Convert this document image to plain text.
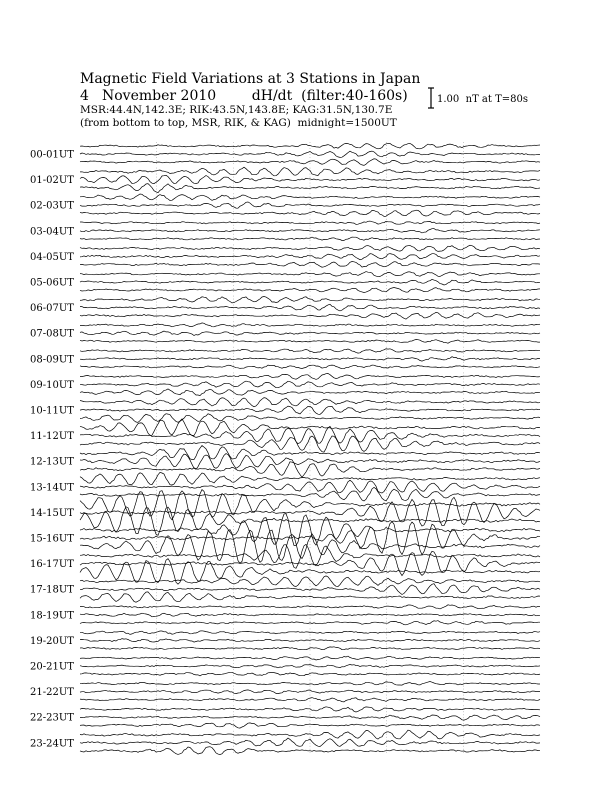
Magnetic Field Variations at 3 Stations in Japan
4 November 2010	dH/dt (filter:40-160s)
MSR:44.4N,142.3E; RIK:43.5N,143.8E; KAG:31.5N,130.7E
(from bottom to top, MSR, RIK, & KAG) midnight=1500UT
1.00  nT at T=80s
00-01UT
01-02UT
02-03UT
03-04UT
04-05UT
05-06UT
06-07UT
07-08UT
08-09UT
09-10UT
10-11UT
11-12UT
12-13UT
13-14UT
14-15UT
15-16UT
16-17UT
17-18UT
18-19UT
19-20UT
20-21UT
21-22UT
22-23UT
23-24UT
